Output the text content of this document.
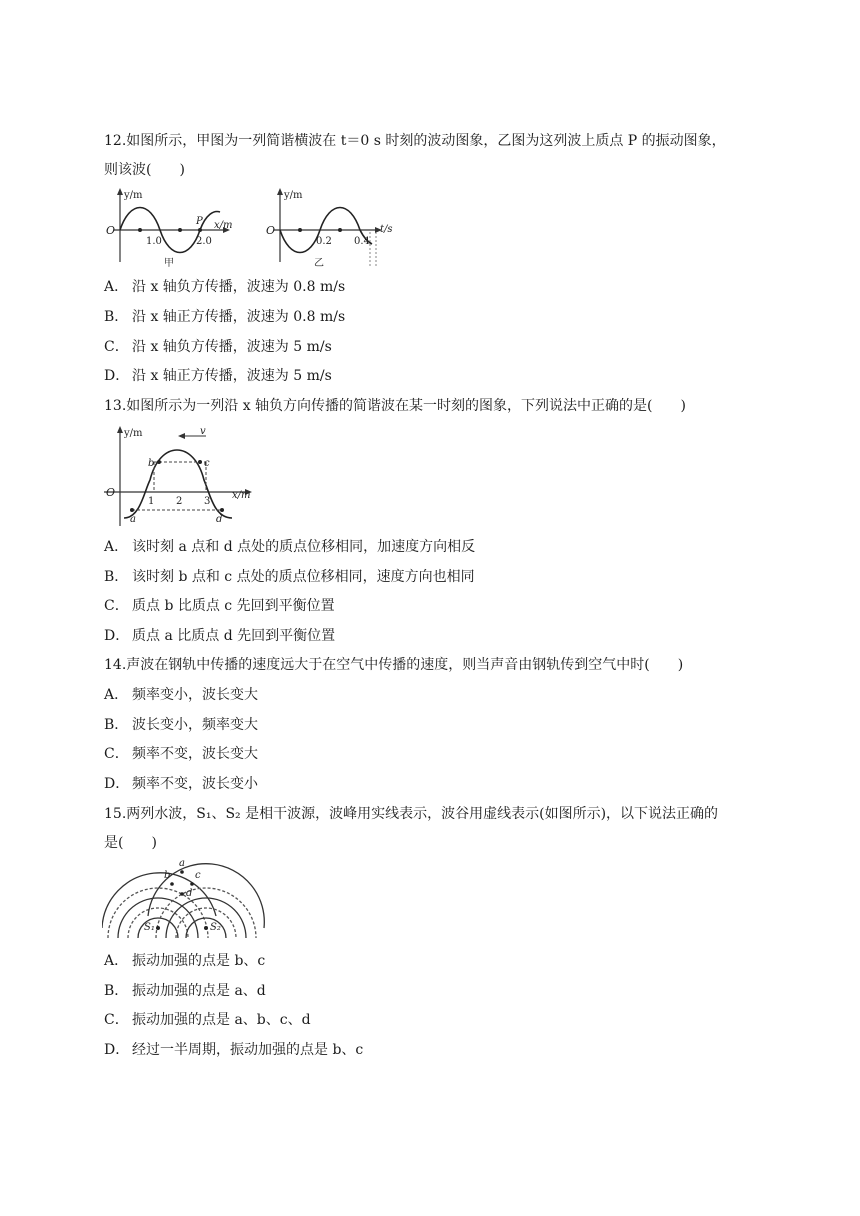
12.如图所示，甲图为一列简谐横波在 t＝0 s 时刻的波动图象，乙图为这列波上质点 P 的振动图象，
则该波(　　)
y/m
O	x/m
1.0	2.0
P
甲
y/m
O	t/s
0.2 0.4
乙
A． 沿 x 轴负方传播，波速为 0.8 m/s
B． 沿 x 轴正方传播，波速为 0.8 m/s
C． 沿 x 轴负方传播，波速为 5 m/s
D． 沿 x 轴正方传播，波速为 5 m/s
13.如图所示为一列沿 x 轴负方向传播的简谐波在某一时刻的图象，下列说法中正确的是(　　)
y/m
O	x/m
v
1 2 3
b	c
a	d
A． 该时刻 a 点和 d 点处的质点位移相同，加速度方向相反
B． 该时刻 b 点和 c 点处的质点位移相同，速度方向也相同
C． 质点 b 比质点 c 先回到平衡位置
D． 质点 a 比质点 d 先回到平衡位置
14.声波在钢轨中传播的速度远大于在空气中传播的速度，则当声音由钢轨传到空气中时(　　)
A． 频率变小，波长变大
B． 波长变小，频率变大
C． 频率不变，波长变大
D． 频率不变，波长变小
15.两列水波，S₁、S₂ 是相干波源，波峰用实线表示，波谷用虚线表示(如图所示)，以下说法正确的
是(　　)
S₁	S₂
a
b c
d
A． 振动加强的点是 b、c
B． 振动加强的点是 a、d
C． 振动加强的点是 a、b、c、d
D． 经过一半周期，振动加强的点是 b、c
